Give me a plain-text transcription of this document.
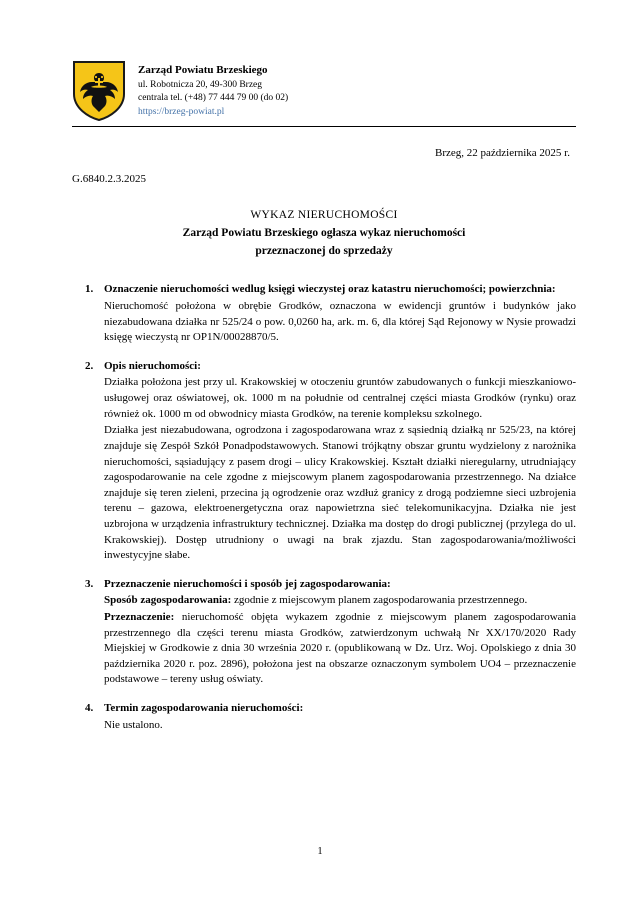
Zarząd Powiatu Brzeskiego
ul. Robotnicza 20, 49-300 Brzeg
centrala tel. (+48) 77 444 79 00 (do 02)
https://brzeg-powiat.pl
Brzeg, 22 października 2025 r.
G.6840.2.3.2025
WYKAZ NIERUCHOMOŚCI
Zarząd Powiatu Brzeskiego ogłasza wykaz nieruchomości
przeznaczonej do sprzedaży
1. Oznaczenie nieruchomości wedlug księgi wieczystej oraz katastru nieruchomości; powierzchnia:
Nieruchomość położona w obrębie Grodków, oznaczona w ewidencji gruntów i budynków jako niezabudowana działka nr 525/24 o pow. 0,0260 ha, ark. m. 6, dla której Sąd Rejonowy w Nysie prowadzi księgę wieczystą nr OP1N/00028870/5.
2. Opis nieruchomości:
Działka położona jest przy ul. Krakowskiej w otoczeniu gruntów zabudowanych o funkcji mieszkaniowo-usługowej oraz oświatowej, ok. 1000 m na południe od centralnej części miasta Grodków (rynku) oraz również ok. 1000 m od obwodnicy miasta Grodków, na terenie kompleksu szkolnego.
Działka jest niezabudowana, ogrodzona i zagospodarowana wraz z sąsiednią działką nr 525/23, na której znajduje się Zespół Szkół Ponadpodstawowych. Stanowi trójkątny obszar gruntu wydzielony z narożnika nieruchomości, sąsiadujący z pasem drogi – ulicy Krakowskiej. Kształt działki nieregularny, utrudniający zagospodarowanie na cele zgodne z miejscowym planem zagospodarowania przestrzennego. Na działce znajduje się teren zieleni, przecina ją ogrodzenie oraz wzdłuż granicy z drogą podziemne sieci uzbrojenia terenu – gazowa, elektroenergetyczna oraz napowietrzna sieć telekomunikacyjna. Działka nie jest uzbrojona w urządzenia infrastruktury technicznej. Działka ma dostęp do drogi publicznej (przylega do ul. Krakowskiej). Dostęp utrudniony o uwagi na brak zjazdu. Stan zagospodarowania/możliwości inwestycyjne słabe.
3. Przeznaczenie nieruchomości i sposób jej zagospodarowania:
Sposób zagospodarowania: zgodnie z miejscowym planem zagospodarowania przestrzennego.
Przeznaczenie: nieruchomość objęta wykazem zgodnie z miejscowym planem zagospodarowania przestrzennego dla części terenu miasta Grodków, zatwierdzonym uchwałą Nr XX/170/2020 Rady Miejskiej w Grodkowie z dnia 30 września 2020 r. (opublikowaną w Dz. Urz. Woj. Opolskiego z dnia 30 października 2020 r. poz. 2896), położona jest na obszarze oznaczonym symbolem UO4 – przeznaczenie podstawowe – tereny usług oświaty.
4. Termin zagospodarowania nieruchomości:
Nie ustalono.
1
